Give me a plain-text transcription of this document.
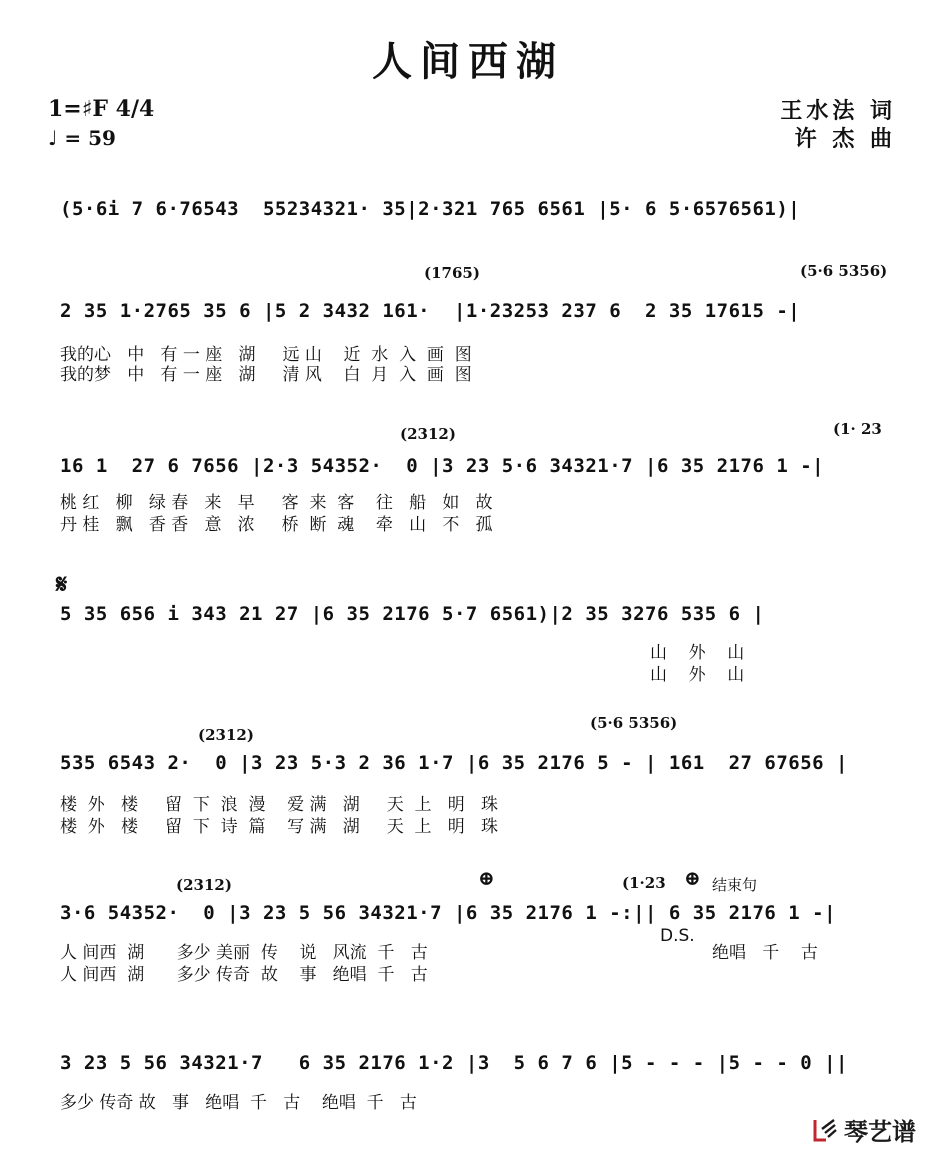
人间西湖
1=♯F 4/4
♩ = 59
王水法 词
许 杰 曲
(5·6i 7 6·76543  55234321· 35|2·321 765 6561 |5· 6 5·6576561)|
(1765)	(5·6 5356)
2 35 1·2765 35 6 |5 2 3432 161·  |1·23253 237 6  2 35 17615 -|
我的心   中   有 一 座   湖     远 山    近  水  入  画  图
我的梦   中   有 一 座   湖     清 风    白  月  入  画  图
(2312)	(1· 23
16 1  27 6 7656 |2·3 54352·  0 |3 23 5·6 34321·7 |6 35 2176 1 -|
桃 红   柳   绿 春   来   早     客  来  客    往   船   如   故
丹 桂   飘   香 香   意   浓     桥  断  魂    牵   山   不   孤
𝄋
5 35 656 i 343 21 27 |6 35 2176 5·7 6561)|2 35 3276 535 6 |
山    外    山
山    外    山
(2312)
(5·6 5356)
535 6543 2·  0 |3 23 5·3 2 36 1·7 |6 35 2176 5 - | 161  27 67656 |
楼  外   楼     留  下  浪  漫    爱 满   湖     天  上   明   珠
楼  外   楼     留  下  诗  篇    写 满   湖     天  上   明   珠
(2312)	⊕	(1·23 ⊕ 结束句
3·6 54352·  0 |3 23 5 56 34321·7 |6 35 2176 1 -:|| 6 35 2176 1 -|
D.S.
人 间西  湖      多少 美丽  传    说   风流  千   古
人 间西  湖      多少 传奇  故    事   绝唱  千   古
绝唱   千    古
3 23 5 56 34321·7   6 35 2176 1·2 |3  5 6 7 6 |5 - - - |5 - - 0 ||
多少 传奇 故   事   绝唱  千   古    绝唱  千   古
琴艺谱
